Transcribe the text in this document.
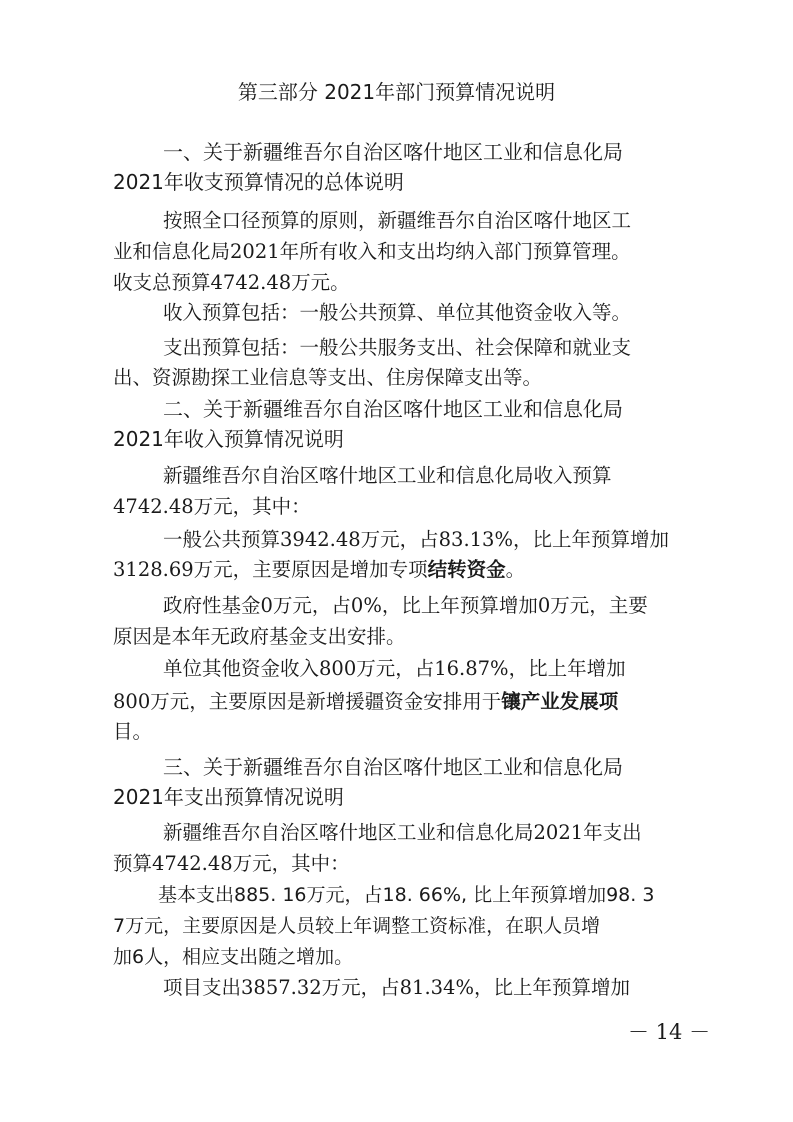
第三部分 2021年部门预算情况说明
一、关于新疆维吾尔自治区喀什地区工业和信息化局
2021年收支预算情况的总体说明
按照全口径预算的原则，新疆维吾尔自治区喀什地区工
业和信息化局2021年所有收入和支出均纳入部门预算管理。
收支总预算4742.48万元。
收入预算包括：一般公共预算、单位其他资金收入等。
支出预算包括：一般公共服务支出、社会保障和就业支
出、资源勘探工业信息等支出、住房保障支出等。
二、关于新疆维吾尔自治区喀什地区工业和信息化局
2021年收入预算情况说明
新疆维吾尔自治区喀什地区工业和信息化局收入预算
4742.48万元，其中：
一般公共预算3942.48万元，占83.13%，比上年预算增加
3128.69万元，主要原因是增加专项结转资金。
政府性基金0万元，占0%，比上年预算增加0万元，主要
原因是本年无政府基金支出安排。
单位其他资金收入800万元，占16.87%，比上年增加
800万元，主要原因是新增援疆资金安排用于镶产业发展项
目。
三、关于新疆维吾尔自治区喀什地区工业和信息化局
2021年支出预算情况说明
新疆维吾尔自治区喀什地区工业和信息化局2021年支出
预算4742.48万元，其中：
基本支出885. 16万元，占18. 66%, 比上年预算增加98. 3
7万元，主要原因是人员较上年调整工资标准，在职人员增
加6人，相应支出随之增加。
项目支出3857.32万元，占81.34%，比上年预算增加
－ 14 －
